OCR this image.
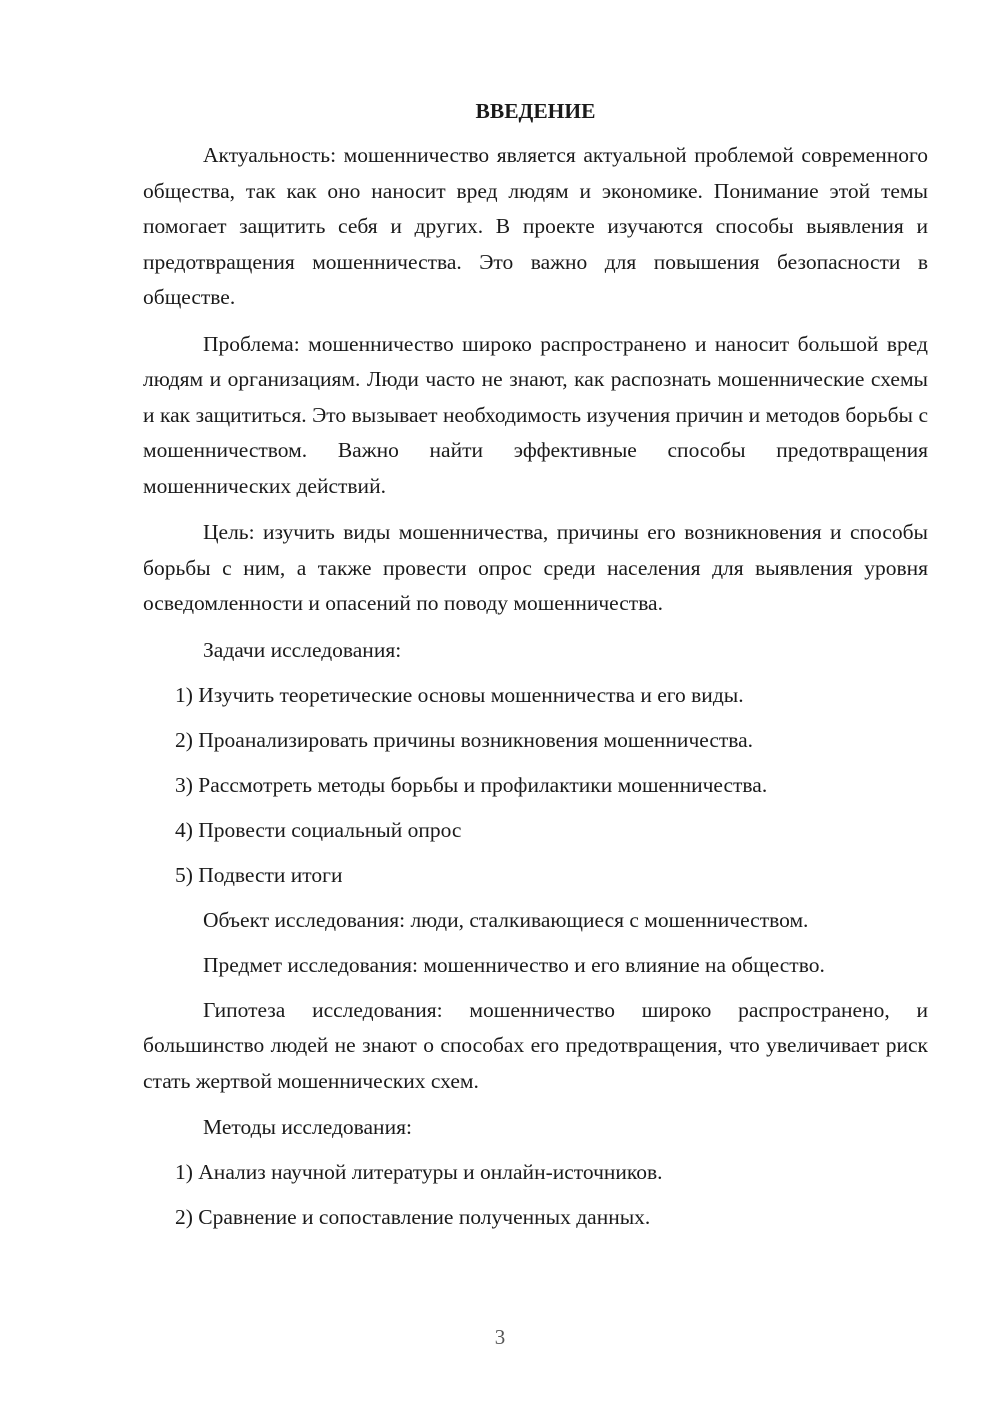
ВВЕДЕНИЕ
Актуальность: мошенничество является актуальной проблемой современного общества, так как оно наносит вред людям и экономике. Понимание этой темы помогает защитить себя и других. В проекте изучаются способы выявления и предотвращения мошенничества. Это важно для повышения безопасности в обществе.
Проблема: мошенничество широко распространено и наносит большой вред людям и организациям. Люди часто не знают, как распознать мошеннические схемы и как защититься. Это вызывает необходимость изучения причин и методов борьбы с мошенничеством. Важно найти эффективные способы предотвращения мошеннических действий.
Цель: изучить виды мошенничества, причины его возникновения и способы борьбы с ним, а также провести опрос среди населения для выявления уровня осведомленности и опасений по поводу мошенничества.
Задачи исследования:
1) Изучить теоретические основы мошенничества и его виды.
2) Проанализировать причины возникновения мошенничества.
3) Рассмотреть методы борьбы и профилактики мошенничества.
4) Провести социальный опрос
5) Подвести итоги
Объект исследования: люди, сталкивающиеся с мошенничеством.
Предмет исследования: мошенничество и его влияние на общество.
Гипотеза исследования: мошенничество широко распространено, и большинство людей не знают о способах его предотвращения, что увеличивает риск стать жертвой мошеннических схем.
Методы исследования:
1) Анализ научной литературы и онлайн-источников.
2) Сравнение и сопоставление полученных данных.
3
